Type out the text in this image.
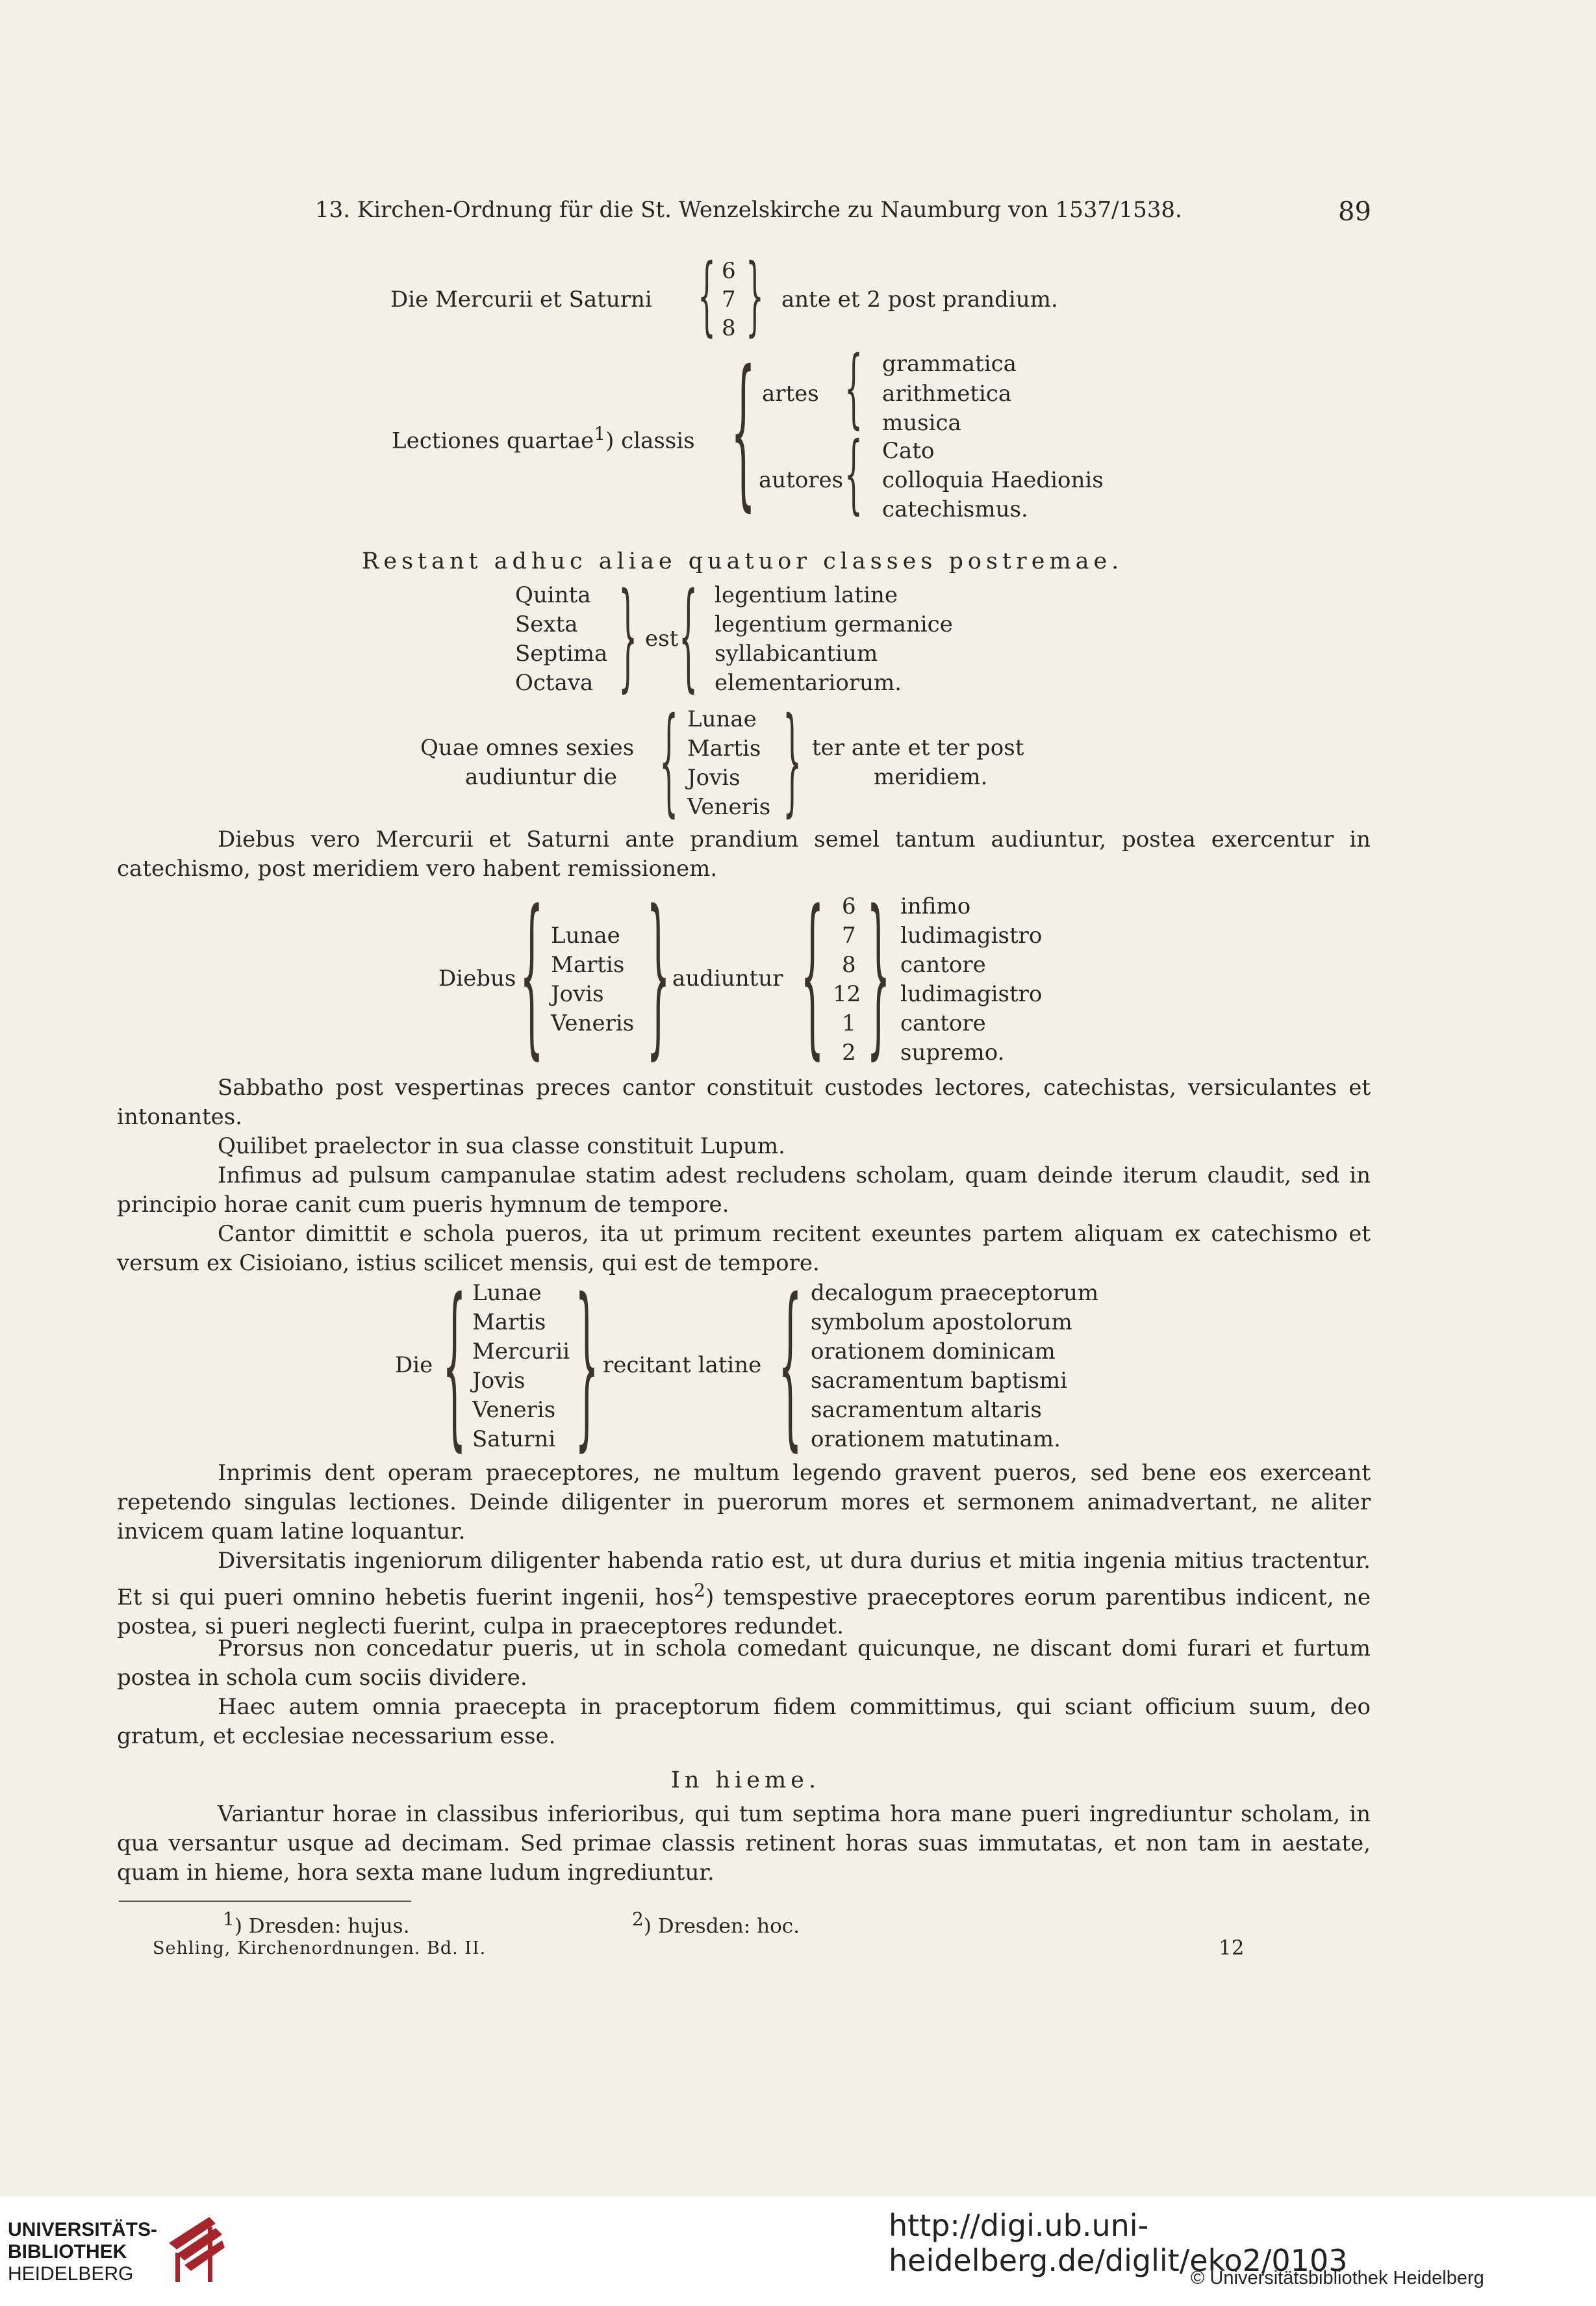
13. Kirchen-Ordnung für die St. Wenzelskirche zu Naumburg von 1537/1538.	89
Die Mercurii et Saturni { 6
7
8 } ante et 2 post prandium.
Lectiones quartae$^1$) classis { artes { grammatica
arithmetica
musica
autores { Cato
colloquia Haedionis
catechismus.
Restant adhuc aliae quatuor classes postremae.
Quinta
Sexta
Septima
Octava } est { legentium latine
legentium germanice
syllabicantium
elementariorum.
Quae omnes sexies
audiuntur die { Lunae
Martis
Jovis
Veneris } ter ante et ter post
meridiem.
Diebus vero Mercurii et Saturni ante prandium semel tantum audiuntur, postea exercentur in catechismo, post meridiem vero habent remissionem.
Diebus { Lunae
Martis
Jovis
Veneris } audiuntur { 6
7
8
12
1
2 } infimo
ludimagistro
cantore
ludimagistro
cantore
supremo.
Sabbatho post vespertinas preces cantor constituit custodes lectores, catechistas, versiculantes et intonantes.
Quilibet praelector in sua classe constituit Lupum.
Infimus ad pulsum campanulae statim adest recludens scholam, quam deinde iterum claudit, sed in principio horae canit cum pueris hymnum de tempore.
Cantor dimittit e schola pueros, ita ut primum recitent exeuntes partem aliquam ex catechismo et versum ex Cisioiano, istius scilicet mensis, qui est de tempore.
Die { Lunae
Martis
Mercurii
Jovis
Veneris
Saturni } recitant latine { decalogum praeceptorum
symbolum apostolorum
orationem dominicam
sacramentum baptismi
sacramentum altaris
orationem matutinam.
Inprimis dent operam praeceptores, ne multum legendo gravent pueros, sed bene eos exerceant repetendo singulas lectiones. Deinde diligenter in puerorum mores et sermonem animadvertant, ne aliter invicem quam latine loquantur.
Diversitatis ingeniorum diligenter habenda ratio est, ut dura durius et mitia ingenia mitius tractentur. Et si qui pueri omnino hebetis fuerint ingenii, hos$^2$) temspestive praeceptores eorum parentibus indicent, ne postea, si pueri neglecti fuerint, culpa in praeceptores redundet.
Prorsus non concedatur pueris, ut in schola comedant quicunque, ne discant domi furari et furtum postea in schola cum sociis dividere.
Haec autem omnia praecepta in praceptorum fidem committimus, qui sciant officium suum, deo gratum, et ecclesiae necessarium esse.
In hieme.
Variantur horae in classibus inferioribus, qui tum septima hora mane pueri ingrediuntur scholam, in qua versantur usque ad decimam. Sed primae classis retinent horas suas immutatas, et non tam in aestate, quam in hieme, hora sexta mane ludum ingrediuntur.
$^1$) Dresden: hujus.	$^2$) Dresden: hoc.
Sehling, Kirchenordnungen. Bd. II.	12
UNIVERSITÄTS-
BIBLIOTHEK
HEIDELBERG
http://digi.ub.uni-heidelberg.de/diglit/eko2/0103
© Universitätsbibliothek Heidelberg
